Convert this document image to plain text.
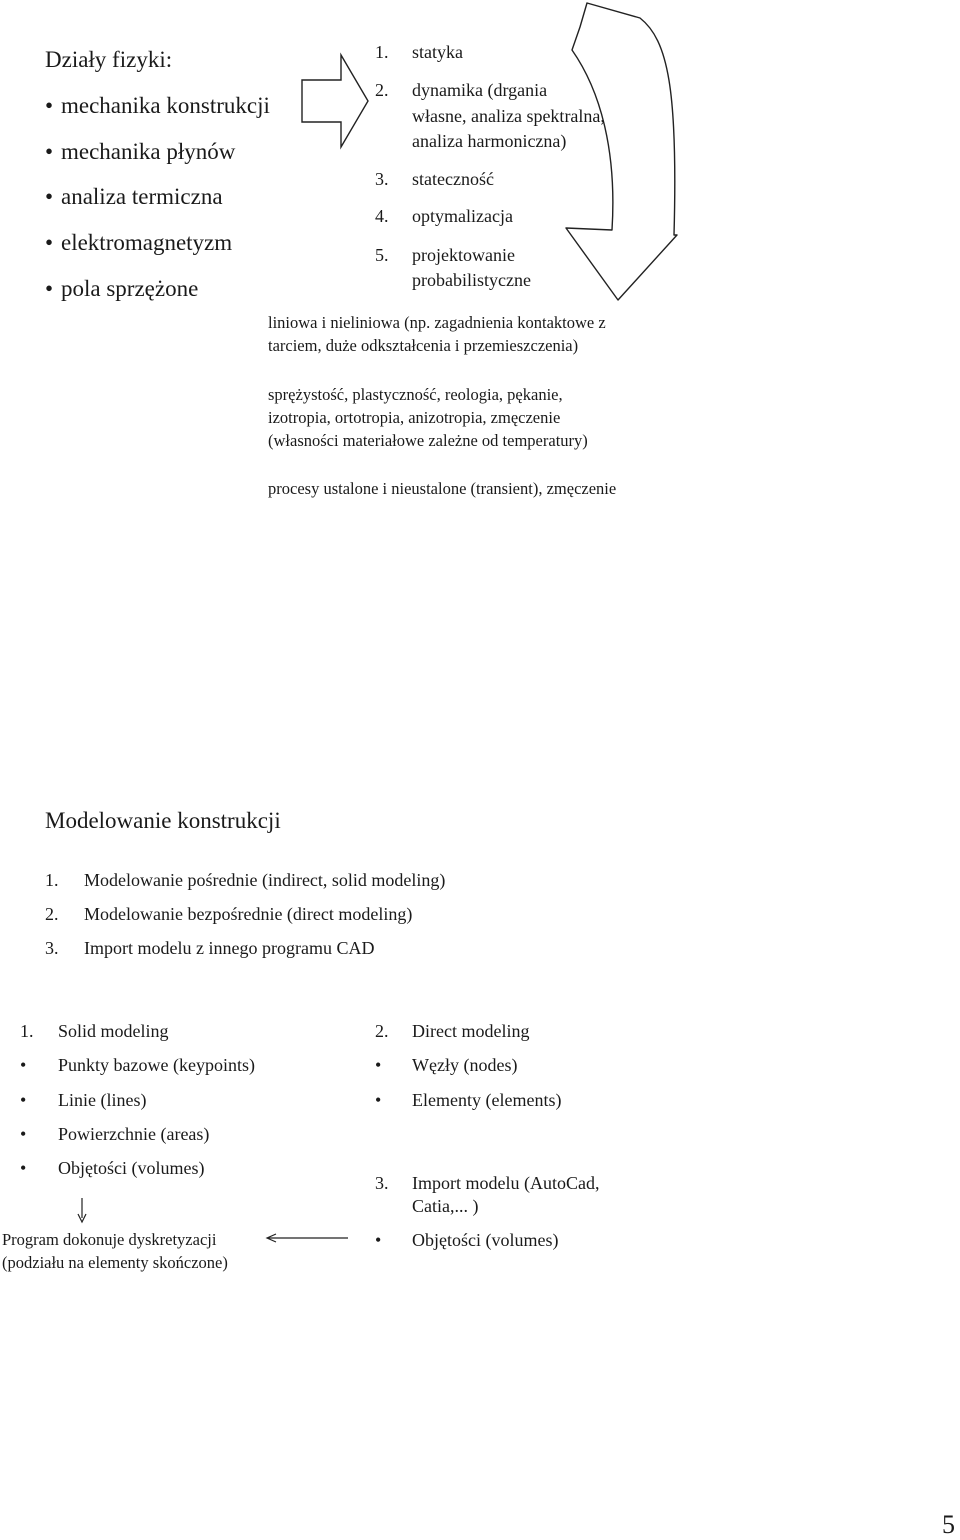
Działy fizyki:
• mechanika konstrukcji
• mechanika płynów
• analiza termiczna
• elektromagnetyzm
• pola sprzężone
1. statyka
2. dynamika (drgania
własne, analiza spektralna,
analiza harmoniczna)
3. stateczność
4. optymalizacja
5. projektowanie
probabilistyczne
liniowa i nieliniowa (np. zagadnienia kontaktowe z
tarciem, duże odkształcenia i przemieszczenia)
sprężystość, plastyczność, reologia, pękanie,
izotropia, ortotropia, anizotropia, zmęczenie
(własności materiałowe zależne od temperatury)
procesy ustalone i nieustalone (transient), zmęczenie
Modelowanie konstrukcji
1. Modelowanie pośrednie (indirect, solid modeling)
2. Modelowanie bezpośrednie (direct modeling)
3. Import modelu z innego programu CAD
1. Solid modeling
• Punkty bazowe (keypoints)
• Linie (lines)
• Powierzchnie (areas)
• Objętości (volumes)
2. Direct modeling
• Węzły (nodes)
• Elementy (elements)
3. Import modelu (AutoCad,
Catia,... )
• Objętości (volumes)
Program dokonuje dyskretyzacji
(podziału na elementy skończone)
5
